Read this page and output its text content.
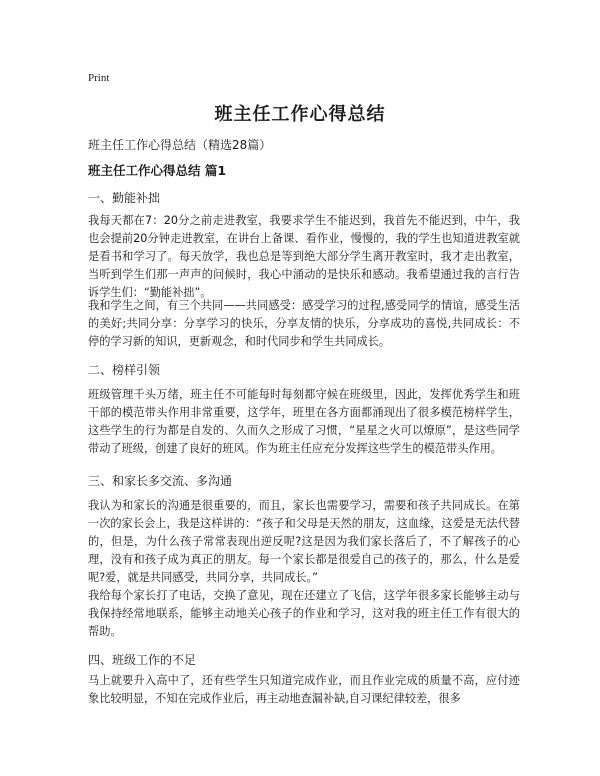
Print
班主任工作心得总结
班主任工作心得总结（精选28篇）
班主任工作心得总结 篇1
一、勤能补拙

我每天都在7：20分之前走进教室，我要求学生不能迟到，我首先不能迟到，中午，我也会提前20分钟走进教室，在讲台上备课、看作业，慢慢的，我的学生也知道进教室就是看书和学习了。每天放学，我也总是等到绝大部分学生离开教室时，我才走出教室，当听到学生们那一声声的问候时，我心中涌动的是快乐和感动。我希望通过我的言行告诉学生们：“勤能补拙”。

我和学生之间，有三个共同——共同感受：感受学习的过程,感受同学的情谊，感受生活的美好;共同分享：分享学习的快乐，分享友情的快乐，分享成功的喜悦,共同成长：不停的学习新的知识，更新观念，和时代同步和学生共同成长。

二、榜样引领

班级管理千头万绪，班主任不可能每时每刻都守候在班级里，因此，发挥优秀学生和班干部的模范带头作用非常重要，这学年，班里在各方面都涌现出了很多模范榜样学生，这些学生的行为都是自发的、久而久之形成了习惯，“星星之火可以燎原”，是这些同学带动了班级，创建了良好的班风。作为班主任应充分发挥这些学生的模范带头作用。

三、和家长多交流、多沟通

我认为和家长的沟通是很重要的，而且，家长也需要学习，需要和孩子共同成长。在第一次的家长会上，我是这样讲的：“孩子和父母是天然的朋友，这血缘，这爱是无法代替的，但是，为什么孩子常常表现出逆反呢?这是因为我们家长落后了，不了解孩子的心理，没有和孩子成为真正的朋友。每一个家长都是很爱自己的孩子的，那么，什么是爱呢?爱，就是共同感受，共同分享，共同成长。”

我给每个家长打了电话，交换了意见，现在还建立了飞信，这学年很多家长能够主动与我保持经常地联系，能够主动地关心孩子的作业和学习，这对我的班主任工作有很大的帮助。

四、班级工作的不足

马上就要升入高中了，还有些学生只知道完成作业，而且作业完成的质量不高，应付迹象比较明显，不知在完成作业后，再主动地查漏补缺,自习课纪律较差，很多
